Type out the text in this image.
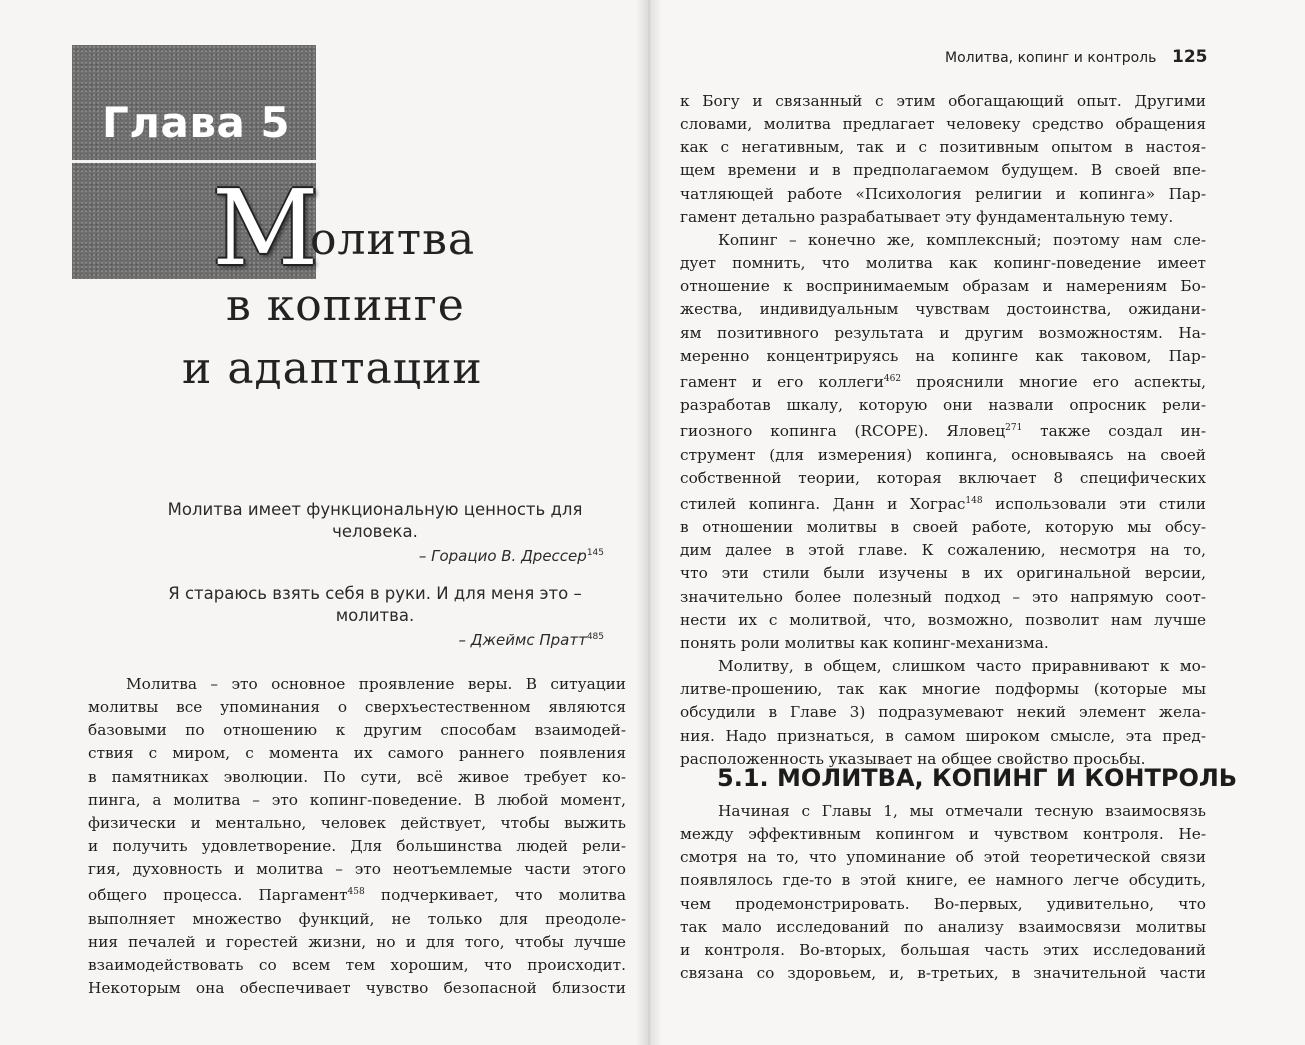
Глава 5
М
олитва
в копинге
и адаптации
Молитва имеет функциональную ценность для
человека.
– Горацио В. Дрессер$^{145}$
Я стараюсь взять себя в руки. И для меня это –
молитва.
– Джеймс Пратт$^{485}$
Молитва – это основное проявление веры. В ситуации
молитвы все упоминания о сверхъестественном являются
базовыми по отношению к другим способам взаимодей-
ствия с миром, с момента их самого раннего появления
в памятниках эволюции. По сути, всё живое требует ко-
пинга, а молитва – это копинг-поведение. В любой момент,
физически и ментально, человек действует, чтобы выжить
и получить удовлетворение. Для большинства людей рели-
гия, духовность и молитва – это неотъемлемые части этого
общего процесса. Паргамент$^{458}$ подчеркивает, что молитва
выполняет множество функций, не только для преодоле-
ния печалей и горестей жизни, но и для того, чтобы лучше
взаимодействовать со всем тем хорошим, что происходит.
Некоторым она обеспечивает чувство безопасной близости
Молитва, копинг и контроль 125
к Богу и связанный с этим обогащающий опыт. Другими
словами, молитва предлагает человеку средство обращения
как с негативным, так и с позитивным опытом в настоя-
щем времени и в предполагаемом будущем. В своей впе-
чатляющей работе «Психология религии и копинга» Пар-
гамент детально разрабатывает эту фундаментальную тему.
Копинг – конечно же, комплексный; поэтому нам сле-
дует помнить, что молитва как копинг-поведение имеет
отношение к воспринимаемым образам и намерениям Бо-
жества, индивидуальным чувствам достоинства, ожидани-
ям позитивного результата и другим возможностям. На-
меренно концентрируясь на копинге как таковом, Пар-
гамент и его коллеги$^{462}$ прояснили многие его аспекты,
разработав шкалу, которую они назвали опросник рели-
гиозного копинга (RCOPE). Яловец$^{271}$ также создал ин-
струмент (для измерения) копинга, основываясь на своей
собственной теории, которая включает 8 специфических
стилей копинга. Данн и Хограс$^{148}$ использовали эти стили
в отношении молитвы в своей работе, которую мы обсу-
дим далее в этой главе. К сожалению, несмотря на то,
что эти стили были изучены в их оригинальной версии,
значительно более полезный подход – это напрямую соот-
нести их с молитвой, что, возможно, позволит нам лучше
понять роли молитвы как копинг-механизма.
Молитву, в общем, слишком часто приравнивают к мо-
литве-прошению, так как многие подформы (которые мы
обсудили в Главе 3) подразумевают некий элемент жела-
ния. Надо признаться, в самом широком смысле, эта пред-
расположенность указывает на общее свойство просьбы.
5.1. МОЛИТВА, КОПИНГ И КОНТРОЛЬ
Начиная с Главы 1, мы отмечали тесную взаимосвязь
между эффективным копингом и чувством контроля. Не-
смотря на то, что упоминание об этой теоретической связи
появлялось где-то в этой книге, ее намного легче обсудить,
чем продемонстрировать. Во-первых, удивительно, что
так мало исследований по анализу взаимосвязи молитвы
и контроля. Во-вторых, большая часть этих исследований
связана со здоровьем, и, в-третьих, в значительной части
